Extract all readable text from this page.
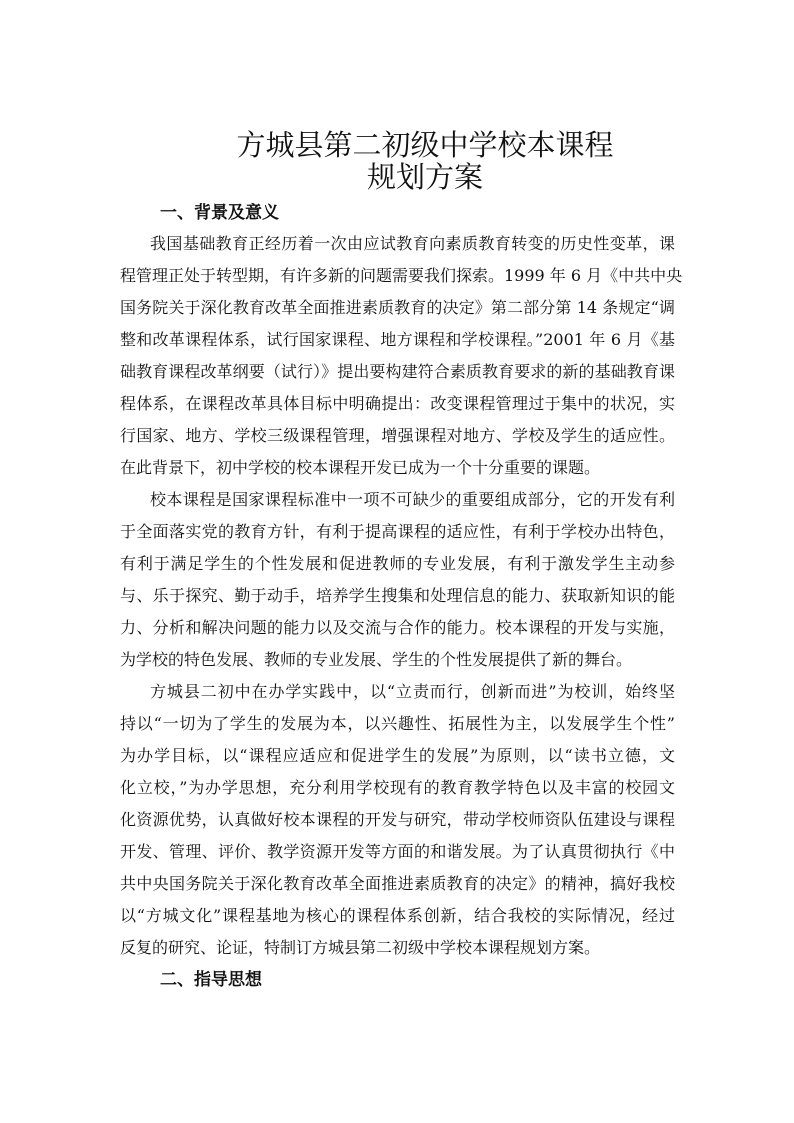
方城县第二初级中学校本课程
规划方案
一、背景及意义
我国基础教育正经历着一次由应试教育向素质教育转变的历史性变革，课
程管理正处于转型期，有许多新的问题需要我们探索。1999 年 6 月《中共中央
国务院关于深化教育改革全面推进素质教育的决定》第二部分第 14 条规定“调
整和改革课程体系，试行国家课程、地方课程和学校课程。”2001 年 6 月《基
础教育课程改革纲要（试行）》提出要构建符合素质教育要求的新的基础教育课
程体系，在课程改革具体目标中明确提出：改变课程管理过于集中的状况，实
行国家、地方、学校三级课程管理，增强课程对地方、学校及学生的适应性。
在此背景下，初中学校的校本课程开发已成为一个十分重要的课题。
校本课程是国家课程标准中一项不可缺少的重要组成部分，它的开发有利
于全面落实党的教育方针，有利于提高课程的适应性，有利于学校办出特色，
有利于满足学生的个性发展和促进教师的专业发展，有利于激发学生主动参
与、乐于探究、勤于动手，培养学生搜集和处理信息的能力、获取新知识的能
力、分析和解决问题的能力以及交流与合作的能力。校本课程的开发与实施，
为学校的特色发展、教师的专业发展、学生的个性发展提供了新的舞台。
方城县二初中在办学实践中，以“立责而行，创新而进”为校训，始终坚
持以“一切为了学生的发展为本，以兴趣性、拓展性为主，以发展学生个性”
为办学目标，以“课程应适应和促进学生的发展”为原则，以“读书立德，文
化立校，”为办学思想，充分利用学校现有的教育教学特色以及丰富的校园文
化资源优势，认真做好校本课程的开发与研究，带动学校师资队伍建设与课程
开发、管理、评价、教学资源开发等方面的和谐发展。为了认真贯彻执行《中
共中央国务院关于深化教育改革全面推进素质教育的决定》的精神，搞好我校
以“方城文化”课程基地为核心的课程体系创新，结合我校的实际情况，经过
反复的研究、论证，特制订方城县第二初级中学校本课程规划方案。
二、指导思想
